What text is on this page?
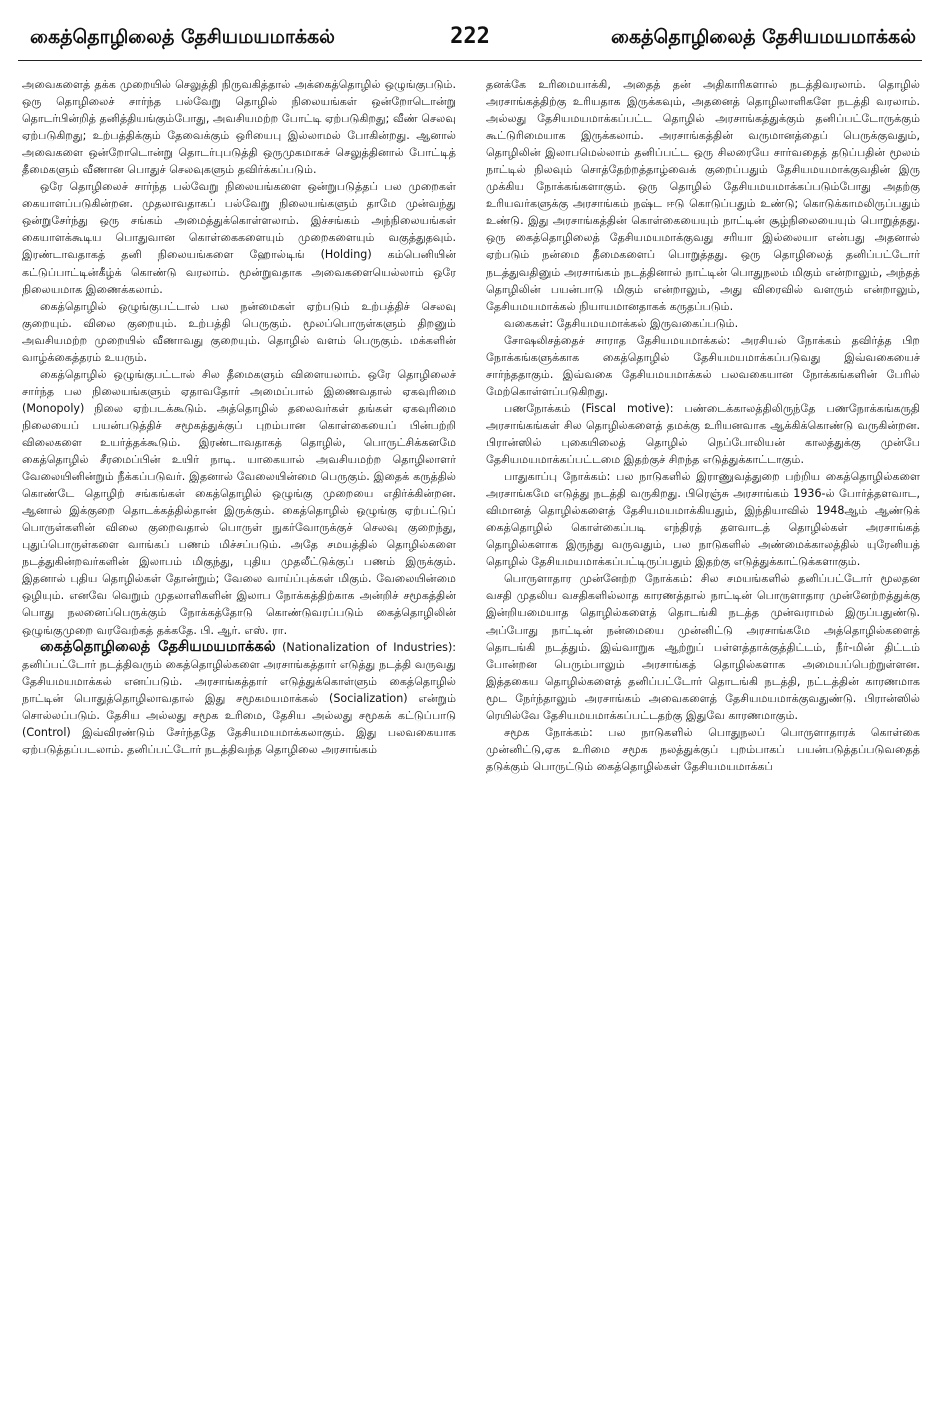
கைத்தொழிலைத் தேசியமயமாக்கல்	222	கைத்தொழிலைத் தேசியமயமாக்கல்

அவைகளைத் தக்க முறையில் செலுத்தி நிருவகித்தால் அக்கைத்தொழில் ஒழுங்குபடும். ஒரு தொழிலைச் சார்ந்த பல்வேறு தொழில் நிலையங்கள் ஒன்றோடொன்று தொடர்பின்றித் தனித்தியங்கும்போது, அவசியமற்ற போட்டி ஏற்படுகிறது; வீண் செலவு ஏற்படுகிறது; உற்பத்திக்கும் தேவைக்கும் ஒரியைபு இல்லாமல் போகின்றது. ஆனால் அவைகளை ஒன்றோடொன்று தொடர்புபடுத்தி ஒருமுகமாகச் செலுத்தினால் போட்டித் தீமைகளும் வீணான பொதுச் செலவுகளும் தவிர்க்கப்படும்.

ஒரே தொழிலைச் சார்ந்த பல்வேறு நிலையங்களை ஒன்றுபடுத்தப் பல முறைகள் கையாளப்படுகின்றன. முதலாவதாகப் பல்வேறு நிலையங்களும் தாமே முன்வந்து ஒன்றுசேர்ந்து ஒரு சங்கம் அமைத்துக்கொள்ளலாம். இச்சங்கம் அந்நிலையங்கள் கையாளக்கூடிய பொதுவான கொள்கைகளையும் முறைகளையும் வகுத்துதவும். இரண்டாவதாகத் தனி நிலையங்களை ஹோல்டிங் (Holding) கம்பெனியின் கட்டுப்பாட்டின்கீழ்க் கொண்டு வரலாம். மூன்றுவதாக அவைகளையெல்லாம் ஒரே நிலையமாக இணைக்கலாம்.

கைத்தொழில் ஒழுங்குபட்டால் பல நன்மைகள் ஏற்படும் உற்பத்திச் செலவு குறையும். விலை குறையும். உற்பத்தி பெருகும். மூலப்பொருள்களும் திறனும் அவசியமற்ற முறையில் வீணாவது குறையும். தொழில் வளம் பெருகும். மக்களின் வாழ்க்கைத்தரம் உயரும்.

கைத்தொழில் ஒழுங்குபட்டால் சில தீமைகளும் விளையலாம். ஒரே தொழிலைச் சார்ந்த பல நிலையங்களும் ஏதாவதோர் அமைப்பால் இணைவதால் ஏகவுரிமை (Monopoly) நிலை ஏற்படக்கூடும். அத்தொழில் தலைவர்கள் தங்கள் ஏகவுரிமை நிலையைப் பயன்படுத்திச் சமூகத்துக்குப் புறம்பான கொள்கையைப் பின்பற்றி விலைகளை உயர்த்தக்கூடும். இரண்டாவதாகத் தொழில், பொருட்சிக்கனமே கைத்தொழில் சீரமைப்பின் உயிர் நாடி. யாகையால் அவசியமற்ற தொழிலாளர் வேலையினின்றும் நீக்கப்படுவர். இதனால் வேலையின்மை பெருகும். இதைக் கருத்தில் கொண்டே தொழிற் சங்கங்கள் கைத்தொழில் ஒழுங்கு முறையை எதிர்க்கின்றன. ஆனால் இக்குறை தொடக்கத்தில்தான் இருக்கும். கைத்தொழில் ஒழுங்கு ஏற்பட்டுப் பொருள்களின் விலை குறைவதால் பொருள் நுகர்வோருக்குச் செலவு குறைந்து, புதுப்பொருள்களை வாங்கப் பணம் மிச்சப்படும். அதே சமயத்தில் தொழில்களை நடத்துகின்றவர்களின் இலாபம் மிகுந்து, புதிய முதலீட்டுக்குப் பணம் இருக்கும். இதனால் புதிய தொழில்கள் தோன்றும்; வேலை வாய்ப்புக்கள் மிகும். வேலையின்மை ஒழியும். எனவே வெறும் முதலாளிகளின் இலாப நோக்கத்திற்காக அன்றிச் சமூகத்தின் பொது நலனைப்பெருக்கும் நோக்கத்தோடு கொண்டுவரப்படும் கைத்தொழிலின் ஒழுங்குமுறை வரவேற்கத் தக்கதே. பி. ஆர். எஸ். ரா.

கைத்தொழிலைத் தேசியமயமாக்கல் (Nationalization of Industries): தனிப்பட்டோர் நடத்திவரும் கைத்தொழில்களை அரசாங்கத்தார் எடுத்து நடத்தி வருவது தேசியமயமாக்கல் எனப்படும். அரசாங்கத்தார் எடுத்துக்கொள்ளும் கைத்தொழில் நாட்டின் பொதுத்தொழிலாவதால் இது சமூகமயமாக்கல் (Socialization) என்றும் சொல்லப்படும். தேசிய அல்லது சமூக உரிமை, தேசிய அல்லது சமூகக் கட்டுப்பாடு (Control) இவ்விரண்டும் சேர்ந்ததே தேசியமயமாக்கலாகும். இது பலவகையாக ஏற்படுத்தப்படலாம். தனிப்பட்டோர் நடத்திவந்த தொழிலை அரசாங்கம்

தனக்கே உரிமையாக்கி, அதைத் தன் அதிகாரிகளால் நடத்திவரலாம். தொழில் அரசாங்கத்திற்கு உரியதாக இருக்கவும், அதனைத் தொழிலாளிகளே நடத்தி வரலாம். அல்லது தேசியமயமாக்கப்பட்ட தொழில் அரசாங்கத்துக்கும் தனிப்பட்டோருக்கும் கூட்டுரிமையாக இருக்கலாம். அரசாங்கத்தின் வருமானத்தைப் பெருக்குவதும், தொழிலின் இலாபமெல்லாம் தனிப்பட்ட ஒரு சிலரையே சார்வதைத் தடுப்பதின் மூலம் நாட்டில் நிலவும் சொத்தேற்றத்தாழ்வைக் குறைப்பதும் தேசியமயமாக்குவதின் இரு முக்கிய நோக்கங்களாகும். ஒரு தொழில் தேசியமயமாக்கப்படும்போது அதற்கு உரியவர்களுக்கு அரசாங்கம் நஷ்ட ஈடு கொடுப்பதும் உண்டு; கொடுக்காமலிருப்பதும் உண்டு. இது அரசாங்கத்தின் கொள்கையையும் நாட்டின் சூழ்நிலையையும் பொறுத்தது. ஒரு கைத்தொழிலைத் தேசியமயமாக்குவது சரியா இல்லையா என்பது அதனால் ஏற்படும் நன்மை தீமைகளைப் பொறுத்தது. ஒரு தொழிலைத் தனிப்பட்டோர் நடத்துவதினும் அரசாங்கம் நடத்தினால் நாட்டின் பொதுநலம் மிகும் என்றாலும், அந்தத் தொழிலின் பயன்பாடு மிகும் என்றாலும், அது விரைவில் வளரும் என்றாலும், தேசியமயமாக்கல் நியாயமானதாகக் கருதப்படும்.

வகைகள்: தேசியமயமாக்கல் இருவகைப்படும்.

சோஷலிசத்தைச் சாராத தேசியமயமாக்கல்: அரசியல் நோக்கம் தவிர்த்த பிற நோக்கங்களுக்காக கைத்தொழில் தேசியமயமாக்கப்படுவது இவ்வகையைச் சார்ந்ததாகும். இவ்வகை தேசியமயமாக்கல் பலவகையான நோக்கங்களின் பேரில் மேற்கொள்ளப்படுகிறது.

பணநோக்கம் (Fiscal motive): பண்டைக்காலத்திலிருந்தே பணநோக்கங்கருதி அரசாங்கங்கள் சில தொழில்களைத் தமக்கு உரியனவாக ஆக்கிக்கொண்டு வருகின்றன. பிரான்ஸில் புகையிலைத் தொழில் நெப்போலியன் காலத்துக்கு முன்பே தேசியமயமாக்கப்பட்டமை இதற்குச் சிறந்த எடுத்துக்காட்டாகும்.

பாதுகாப்பு நோக்கம்: பல நாடுகளில் இராணுவத்துறை பற்றிய கைத்தொழில்களை அரசாங்கமே எடுத்து நடத்தி வருகிறது. பிரெஞ்சு அரசாங்கம் 1936-ல் போர்த்தளவாட, விமானத் தொழில்களைத் தேசியமயமாக்கியதும், இந்தியாவில் 1948ஆம் ஆண்டுக் கைத்தொழில் கொள்கைப்படி எந்திரத் தளவாடத் தொழில்கள் அரசாங்கத் தொழில்களாக இருந்து வருவதும், பல நாடுகளில் அண்மைக்காலத்தில் யுரேனியத் தொழில் தேசியமயமாக்கப்பட்டிருப்பதும் இதற்கு எடுத்துக்காட்டுக்களாகும்.

பொருளாதார முன்னேற்ற நோக்கம்: சில சமயங்களில் தனிப்பட்டோர் மூலதன வசதி முதலிய வசதிகளில்லாத காரணத்தால் நாட்டின் பொருளாதார முன்னேற்றத்துக்கு இன்றியமையாத தொழில்களைத் தொடங்கி நடத்த முன்வராமல் இருப்பதுண்டு. அப்போது நாட்டின் நன்மையை முன்னிட்டு அரசாங்கமே அத்தொழில்களைத் தொடங்கி நடத்தும். இவ்வாறுக ஆற்றுப் பள்ளத்தாக்குத்திட்டம், நீர்-மின் திட்டம் போன்றன பெரும்பாலும் அரசாங்கத் தொழில்களாக அமையப்பெற்றுள்ளன. இத்தகைய தொழில்களைத் தனிப்பட்டோர் தொடங்கி நடத்தி, நட்டத்தின் காரணமாக மூட நேர்ந்தாலும் அரசாங்கம் அவைகளைத் தேசியமயமாக்குவதுண்டு. பிரான்ஸில் ரெயில்வே தேசியமயமாக்கப்பட்டதற்கு இதுவே காரணமாகும்.

சமூக நோக்கம்: பல நாடுகளில் பொதுநலப் பொருளாதாரக் கொள்கை முன்னிட்டு,ஏக உரிமை சமூக நலத்துக்குப் புறம்பாகப் பயன்படுத்தப்படுவதைத் தடுக்கும் பொருட்டும் கைத்தொழில்கள் தேசியமயமாக்கப்
